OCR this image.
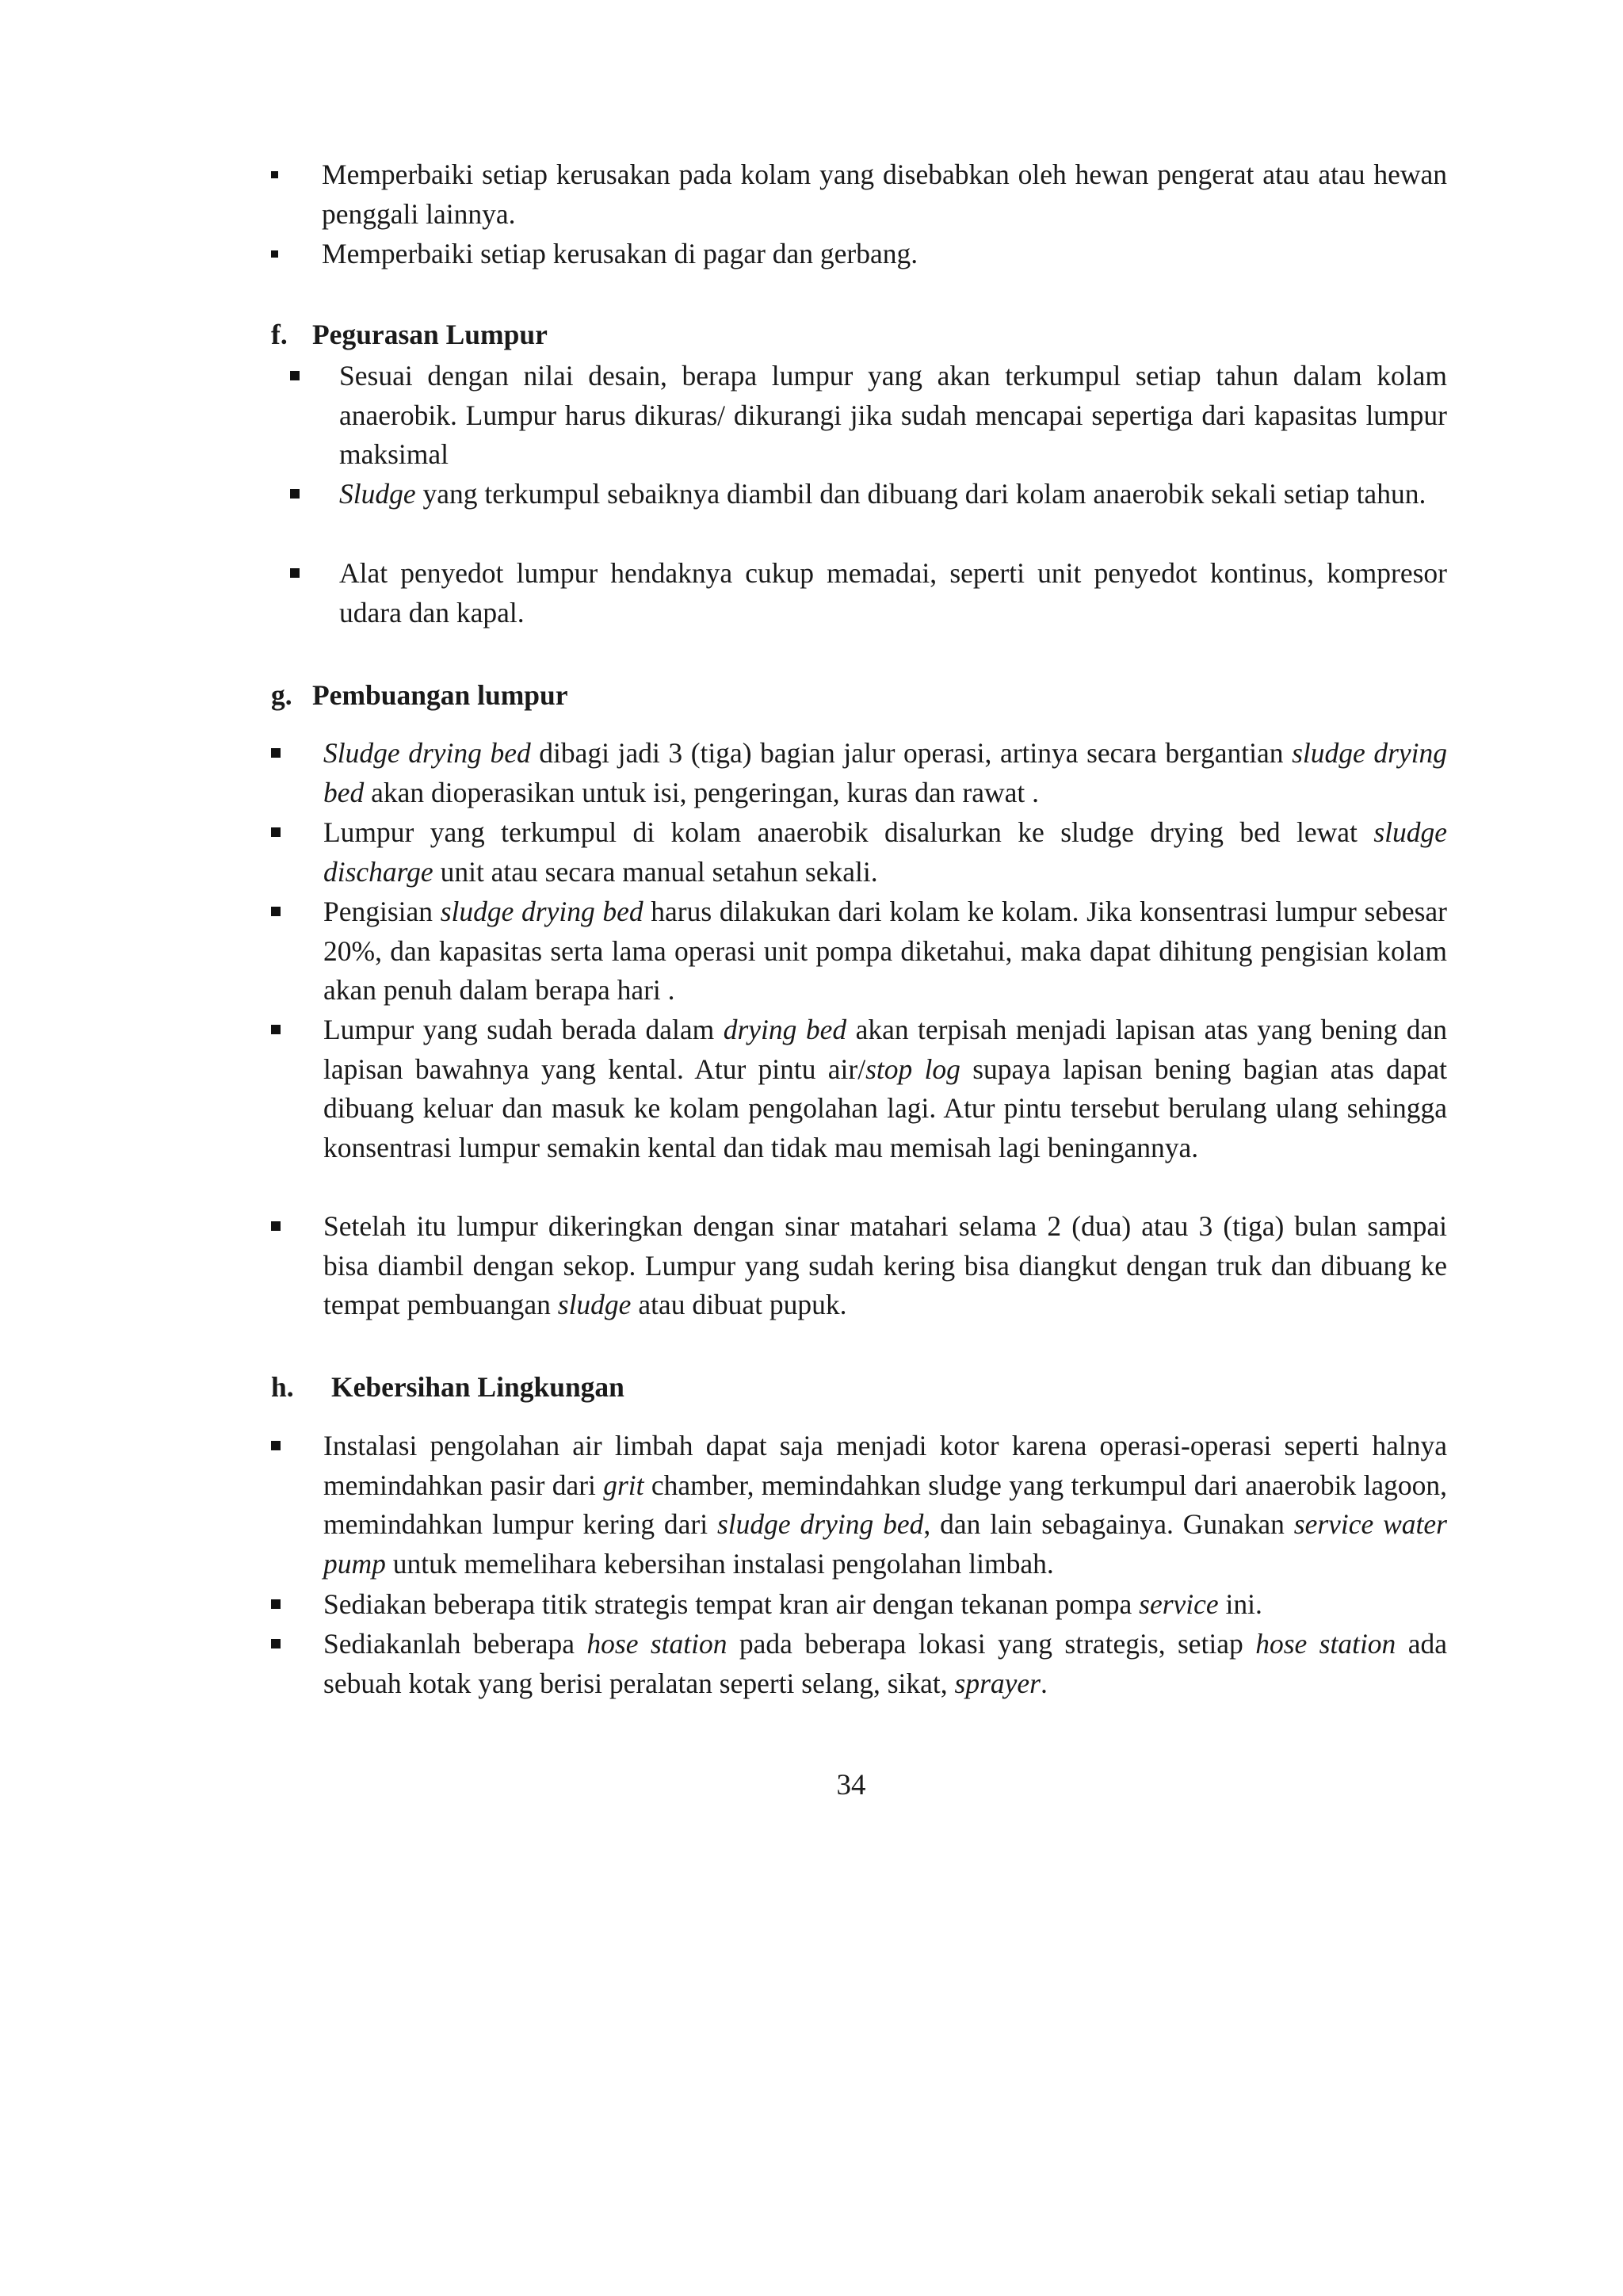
Memperbaiki setiap kerusakan pada kolam yang disebabkan oleh hewan pengerat atau atau hewan penggali lainnya.
Memperbaiki setiap kerusakan di pagar dan gerbang.
f. Pegurasan Lumpur
Sesuai dengan nilai desain, berapa lumpur yang akan terkumpul setiap tahun dalam kolam anaerobik. Lumpur harus dikuras/ dikurangi jika sudah mencapai sepertiga dari kapasitas lumpur maksimal
Sludge yang terkumpul sebaiknya diambil dan dibuang dari kolam anaerobik sekali setiap tahun.
Alat penyedot lumpur hendaknya cukup memadai, seperti unit penyedot kontinus, kompresor udara dan kapal.
g. Pembuangan lumpur
Sludge drying bed dibagi jadi 3 (tiga) bagian jalur operasi, artinya secara bergantian sludge drying bed akan dioperasikan untuk isi, pengeringan, kuras dan rawat .
Lumpur yang terkumpul di kolam anaerobik disalurkan ke sludge drying bed lewat sludge discharge unit atau secara manual setahun sekali.
Pengisian sludge drying bed harus dilakukan dari kolam ke kolam. Jika konsentrasi lumpur sebesar 20%, dan kapasitas serta lama operasi unit pompa diketahui, maka dapat dihitung pengisian kolam akan penuh dalam berapa hari .
Lumpur yang sudah berada dalam drying bed akan terpisah menjadi lapisan atas yang bening dan lapisan bawahnya yang kental. Atur pintu air/stop log supaya lapisan bening bagian atas dapat dibuang keluar dan masuk ke kolam pengolahan lagi. Atur pintu tersebut berulang ulang sehingga konsentrasi lumpur semakin kental dan tidak mau memisah lagi beningannya.
Setelah itu lumpur dikeringkan dengan sinar matahari selama 2 (dua) atau 3 (tiga) bulan sampai bisa diambil dengan sekop. Lumpur yang sudah kering bisa diangkut dengan truk dan dibuang ke tempat pembuangan sludge atau dibuat pupuk.
h. Kebersihan Lingkungan
Instalasi pengolahan air limbah dapat saja menjadi kotor karena operasi-operasi seperti halnya memindahkan pasir dari grit chamber, memindahkan sludge yang terkumpul dari anaerobik lagoon, memindahkan lumpur kering dari sludge drying bed, dan lain sebagainya. Gunakan service water pump untuk memelihara kebersihan instalasi pengolahan limbah.
Sediakan beberapa titik strategis tempat kran air dengan tekanan pompa service ini.
Sediakanlah beberapa hose station pada beberapa lokasi yang strategis, setiap hose station ada sebuah kotak yang berisi peralatan seperti selang, sikat, sprayer.
34
